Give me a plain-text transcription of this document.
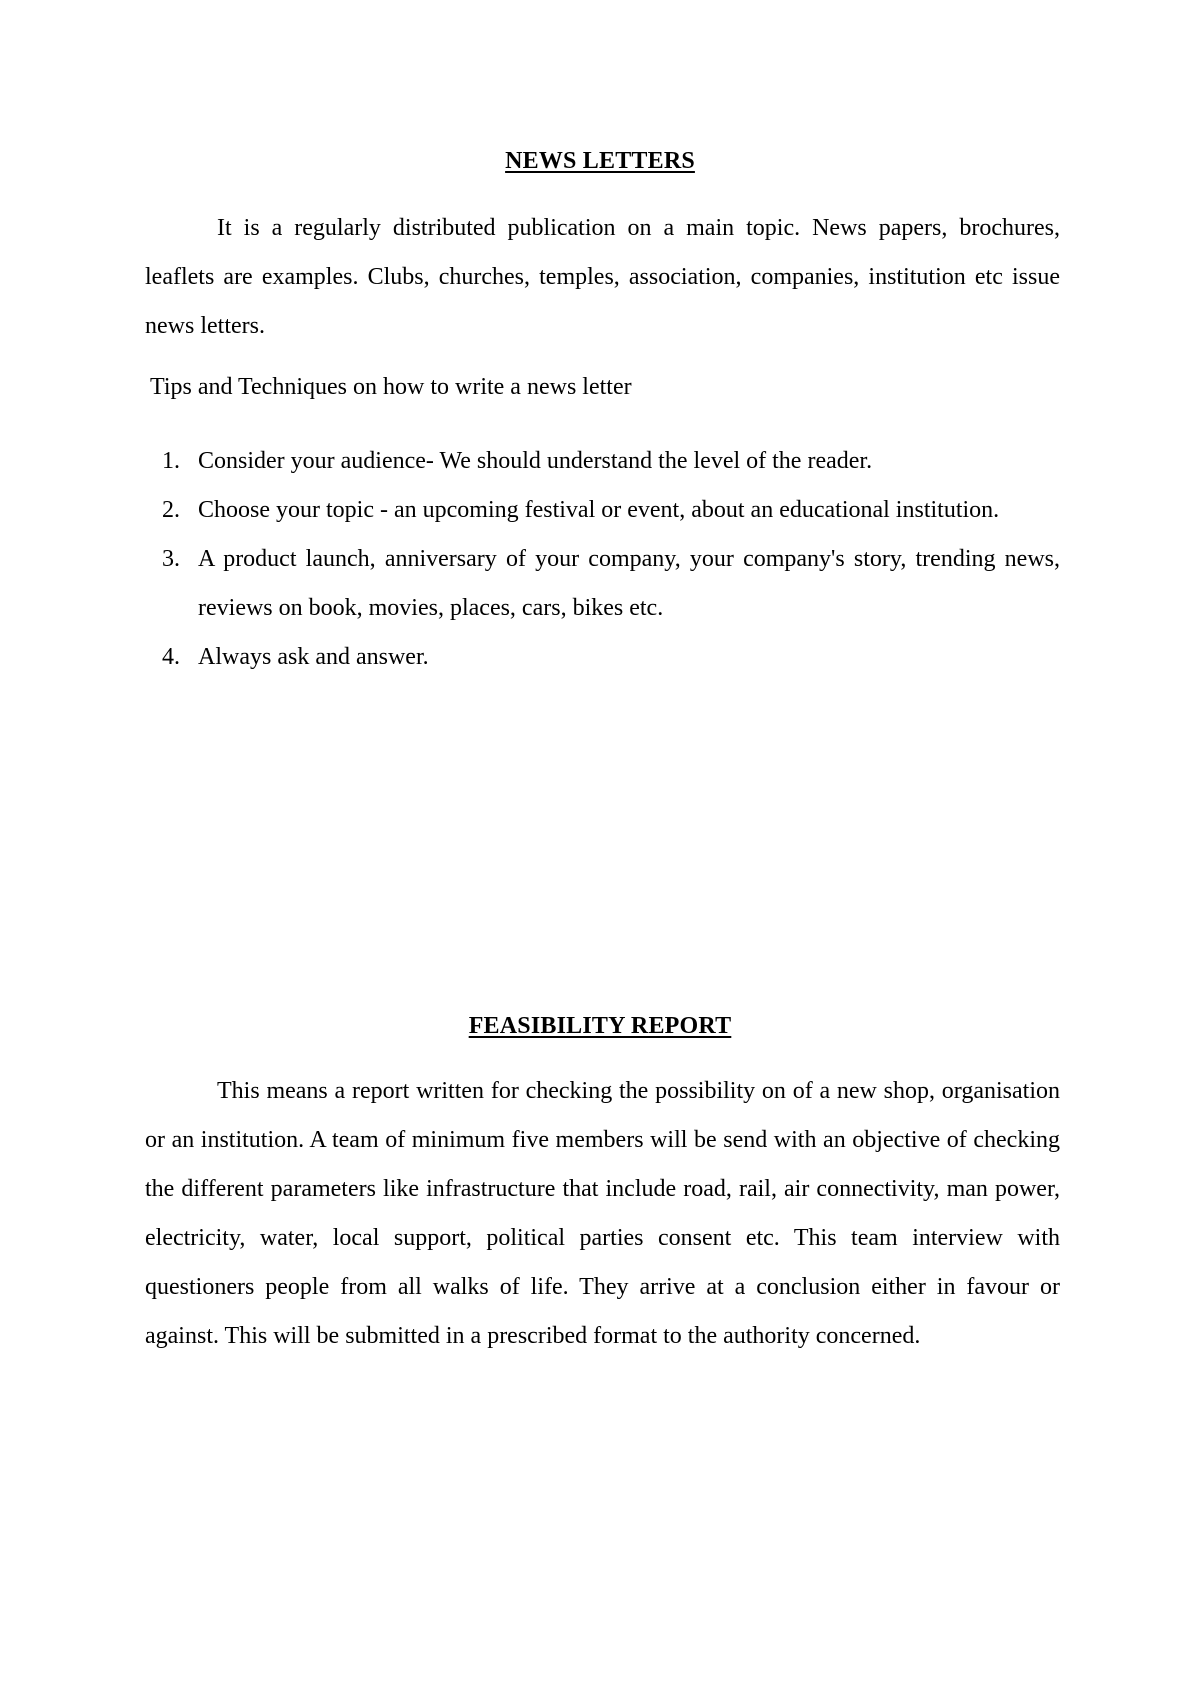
NEWS LETTERS

It is a regularly distributed publication on a main topic. News papers, brochures, leaflets are examples. Clubs, churches, temples, association, companies, institution etc issue news letters.

Tips and Techniques on how to write a news letter

1. Consider your audience- We should understand the level of the reader.
2. Choose your topic - an upcoming festival or event, about an educational institution.
3. A product launch, anniversary of your company, your company's story, trending news, reviews on book, movies, places, cars, bikes etc.
4. Always ask and answer.
FEASIBILITY REPORT

This means a report written for checking the possibility on of a new shop, organisation or an institution. A team of minimum five members will be send with an objective of checking the different parameters like infrastructure that include road, rail, air connectivity, man power, electricity, water, local support, political parties consent etc. This team interview with questioners people from all walks of life. They arrive at a conclusion either in favour or against. This will be submitted in a prescribed format to the authority concerned.
